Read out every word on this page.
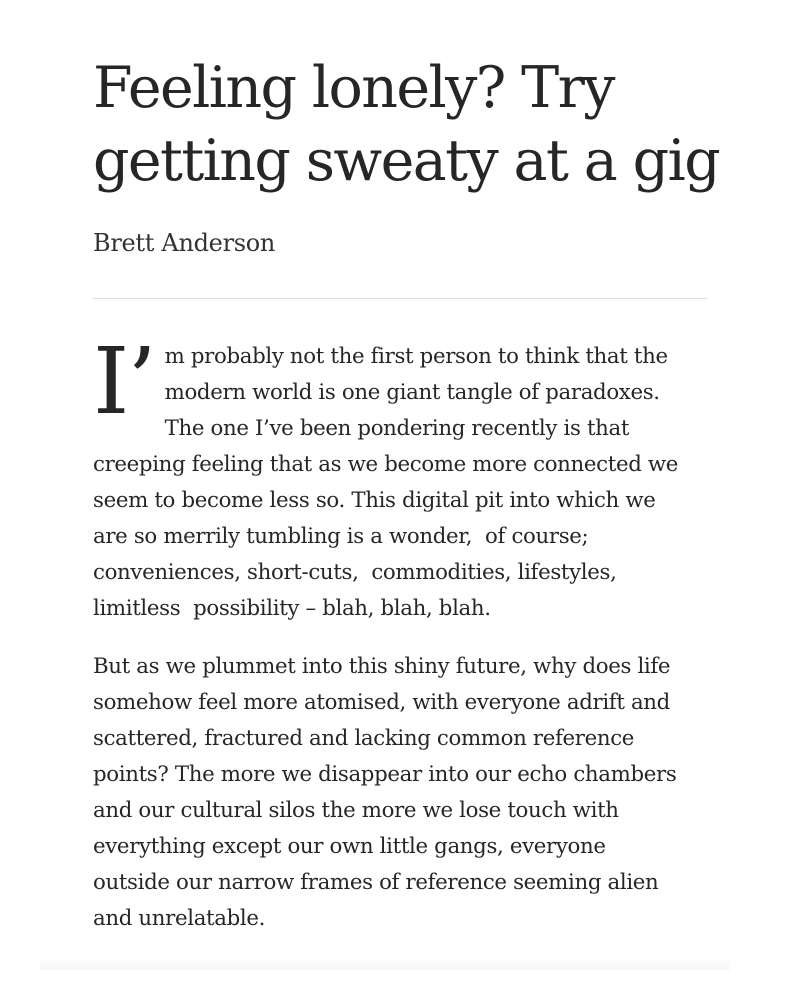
Feeling lonely? Try
getting sweaty at a gig
Brett Anderson

I’ m probably not the first person to think that the
modern world is one giant tangle of paradoxes.
The one I’ve been pondering recently is that
creeping feeling that as we become more connected we
seem to become less so. This digital pit into which we
are so merrily tumbling is a wonder,  of course;
conveniences, short-cuts,  commodities, lifestyles,
limitless  possibility – blah, blah, blah.

But as we plummet into this shiny future, why does life
somehow feel more atomised, with everyone adrift and
scattered, fractured and lacking common reference
points? The more we disappear into our echo chambers
and our cultural silos the more we lose touch with
everything except our own little gangs, everyone
outside our narrow frames of reference seeming alien
and unrelatable.
